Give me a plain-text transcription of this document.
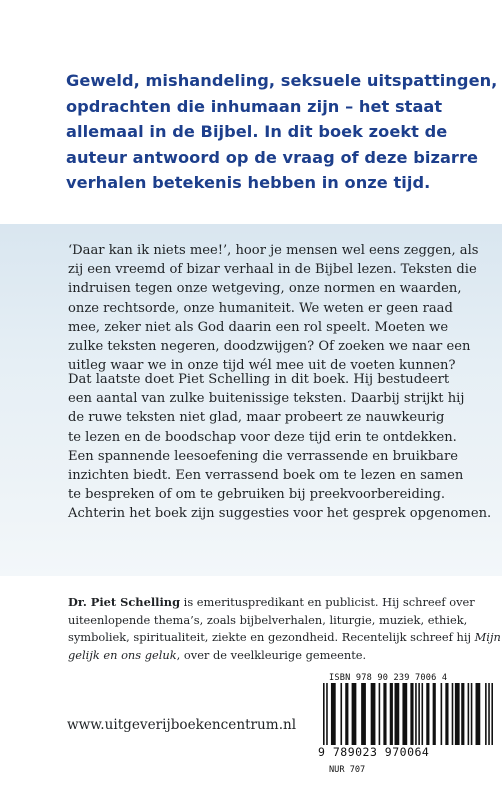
Geweld, mishandeling, seksuele uitspattingen,
opdrachten die inhumaan zijn – het staat
allemaal in de Bijbel. In dit boek zoekt de
auteur antwoord op de vraag of deze bizarre
verhalen betekenis hebben in onze tijd.
‘Daar kan ik niets mee!’, hoor je mensen wel eens zeggen, als
zij een vreemd of bizar verhaal in de Bijbel lezen. Teksten die
indruisen tegen onze wetgeving, onze normen en waarden,
onze rechtsorde, onze humaniteit. We weten er geen raad
mee, zeker niet als God daarin een rol speelt. Moeten we
zulke teksten negeren, doodzwijgen? Of zoeken we naar een
uitleg waar we in onze tijd wél mee uit de voeten kunnen?
Dat laatste doet Piet Schelling in dit boek. Hij bestudeert
een aantal van zulke buitenissige teksten. Daarbij strijkt hij
de ruwe teksten niet glad, maar probeert ze nauwkeurig
te lezen en de boodschap voor deze tijd erin te ontdekken.
Een spannende leesoefening die verrassende en bruikbare
inzichten biedt. Een verrassend boek om te lezen en samen
te bespreken of om te gebruiken bij preekvoorbereiding.
Achterin het boek zijn suggesties voor het gesprek opgenomen.
Dr. Piet Schelling is emerituspredikant en publicist. Hij schreef over
uiteenlopende thema’s, zoals bijbelverhalen, liturgie, muziek, ethiek,
symboliek, spiritualiteit, ziekte en gezondheid. Recentelijk schreef hij Mijn
gelijk en ons geluk, over de veelkleurige gemeente.
www.uitgeverijboekencentrum.nl
ISBN 978 90 239 7006 4
9 789023 970064
NUR 707
